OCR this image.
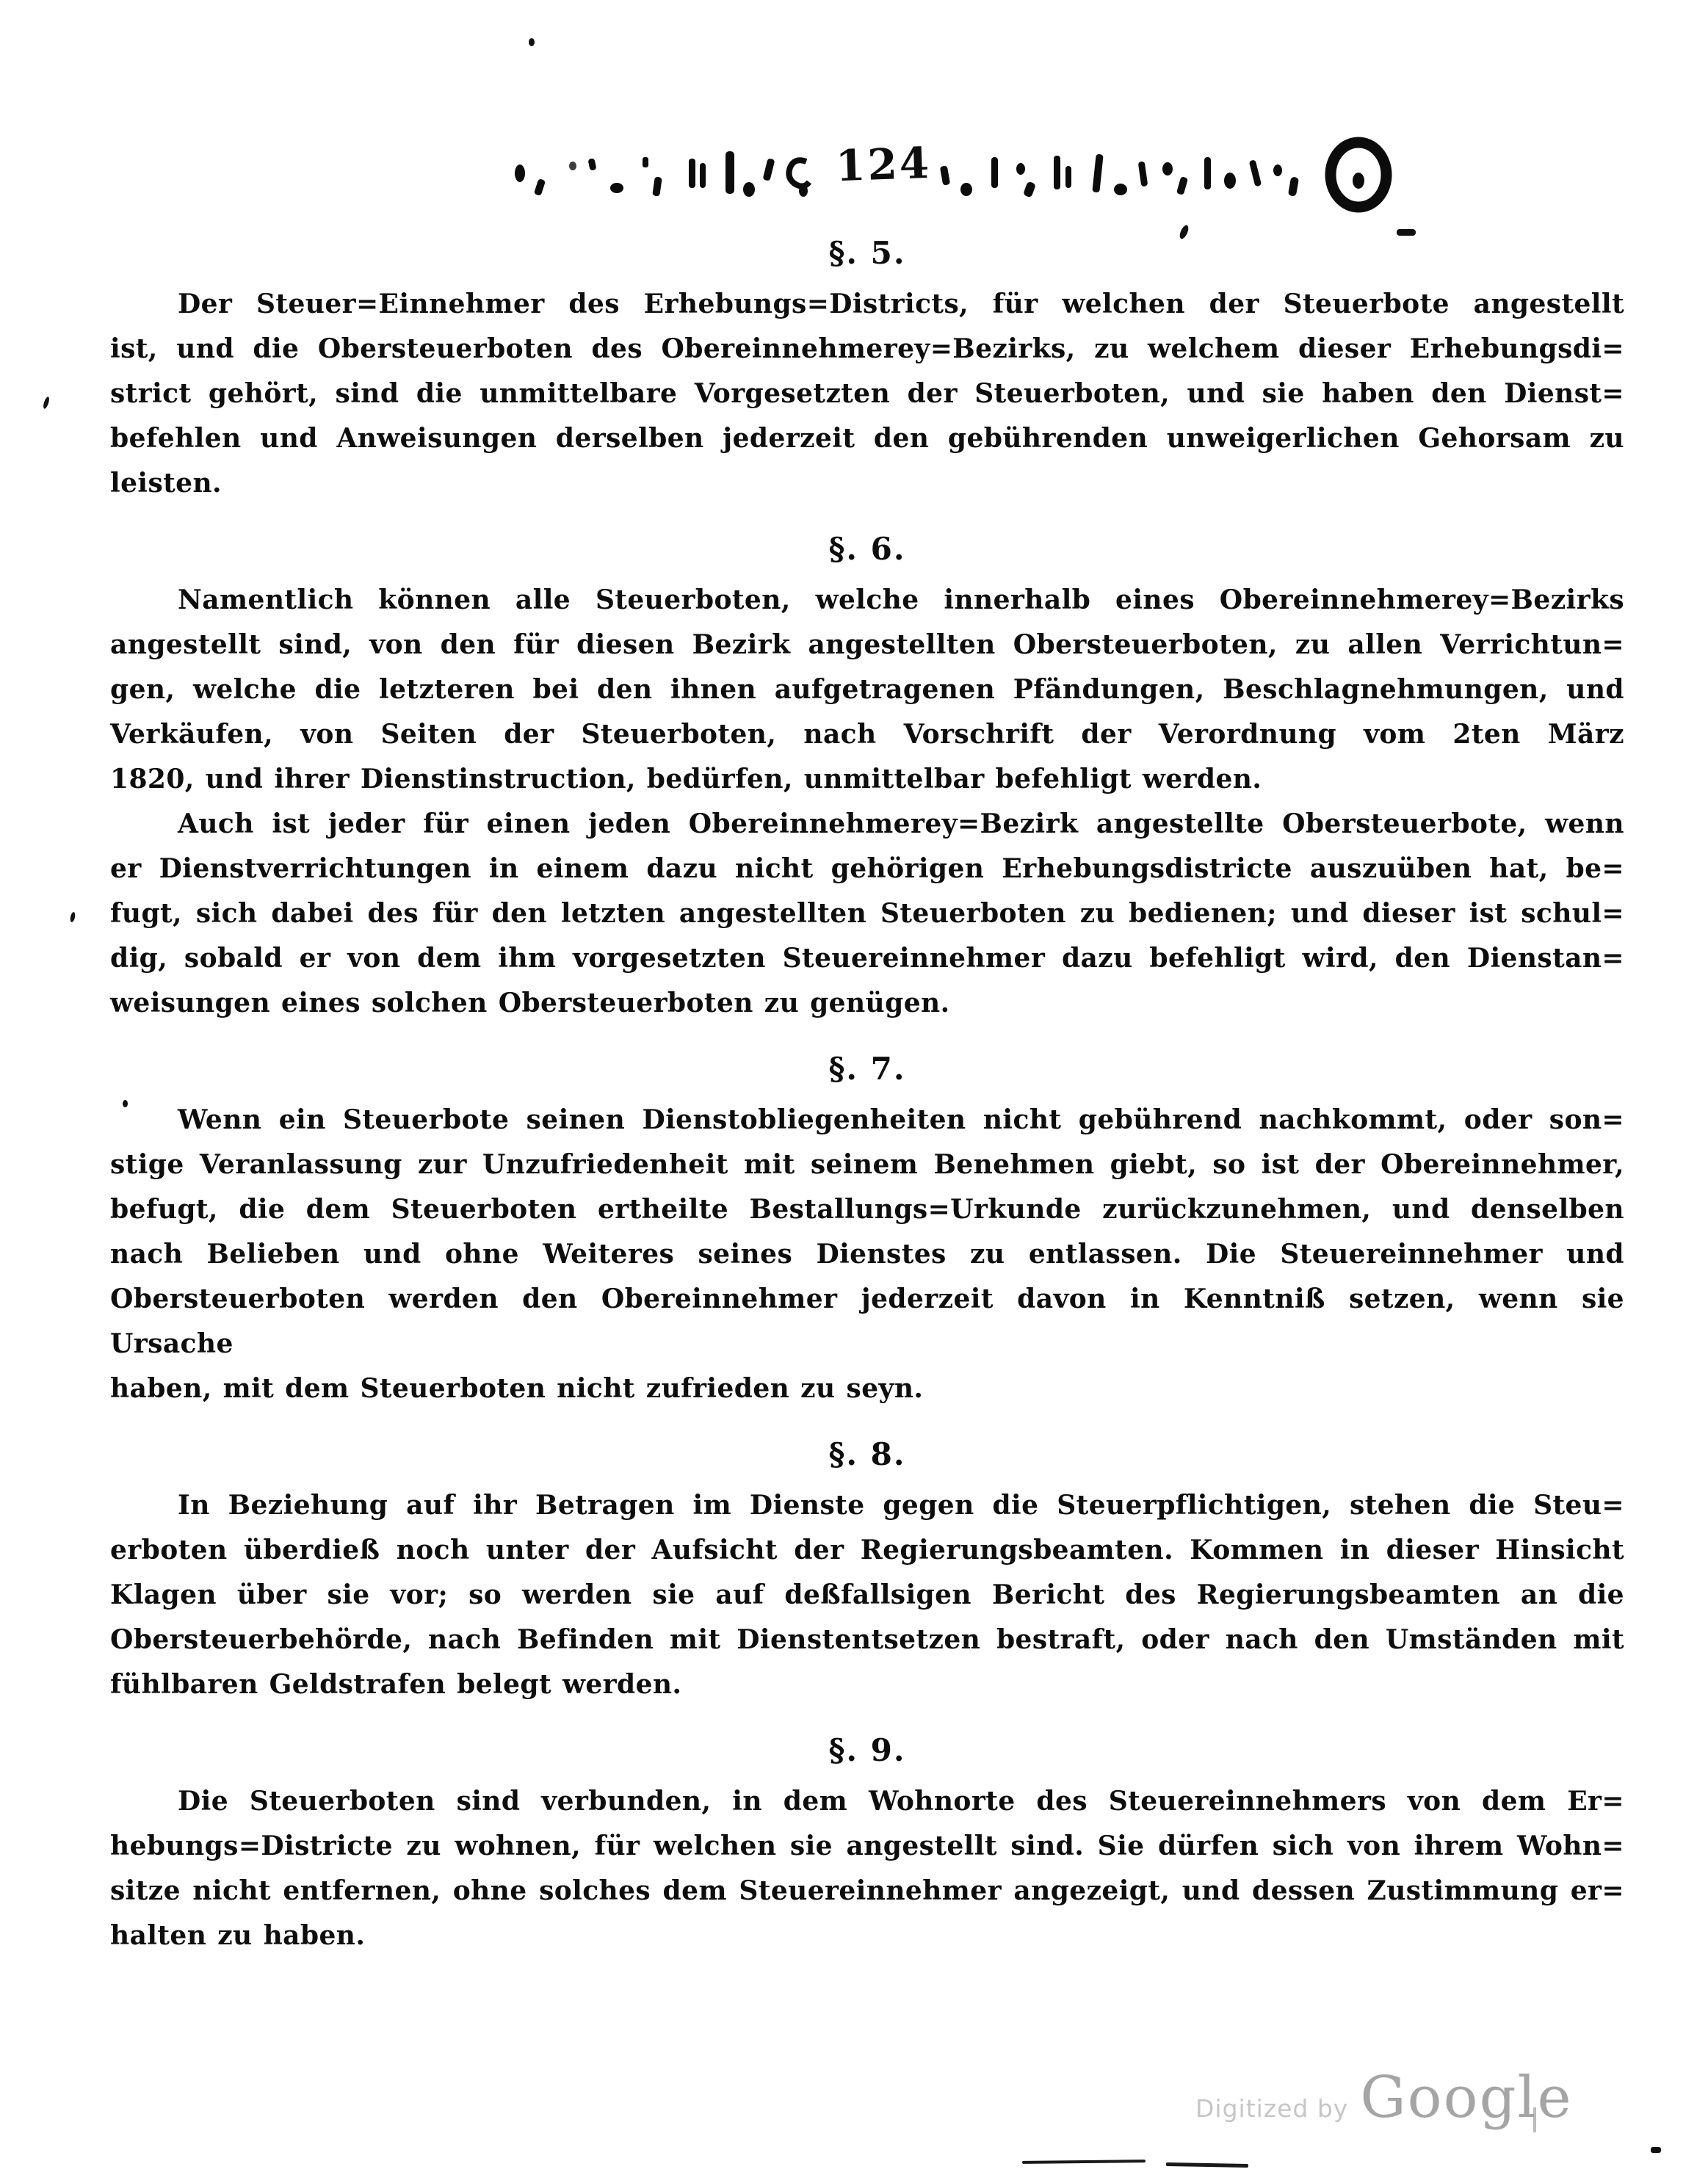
124
§. 5.
Der Steuer=Einnehmer des Erhebungs=Districts, für welchen der Steuerbote angestellt
ist, und die Obersteuerboten des Obereinnehmerey=Bezirks, zu welchem dieser Erhebungsdi=
strict gehört, sind die unmittelbare Vorgesetzten der Steuerboten, und sie haben den Dienst=
befehlen und Anweisungen derselben jederzeit den gebührenden unweigerlichen Gehorsam zu
leisten.
§. 6.
Namentlich können alle Steuerboten, welche innerhalb eines Obereinnehmerey=Bezirks
angestellt sind, von den für diesen Bezirk angestellten Obersteuerboten, zu allen Verrichtun=
gen, welche die letzteren bei den ihnen aufgetragenen Pfändungen, Beschlagnehmungen, und
Verkäufen, von Seiten der Steuerboten, nach Vorschrift der Verordnung vom 2ten März
1820, und ihrer Dienstinstruction, bedürfen, unmittelbar befehligt werden.
Auch ist jeder für einen jeden Obereinnehmerey=Bezirk angestellte Obersteuerbote, wenn
er Dienstverrichtungen in einem dazu nicht gehörigen Erhebungsdistricte auszuüben hat, be=
fugt, sich dabei des für den letzten angestellten Steuerboten zu bedienen; und dieser ist schul=
dig, sobald er von dem ihm vorgesetzten Steuereinnehmer dazu befehligt wird, den Dienstan=
weisungen eines solchen Obersteuerboten zu genügen.
§. 7.
Wenn ein Steuerbote seinen Dienstobliegenheiten nicht gebührend nachkommt, oder son=
stige Veranlassung zur Unzufriedenheit mit seinem Benehmen giebt, so ist der Obereinnehmer,
befugt, die dem Steuerboten ertheilte Bestallungs=Urkunde zurückzunehmen, und denselben
nach Belieben und ohne Weiteres seines Dienstes zu entlassen. Die Steuereinnehmer und
Obersteuerboten werden den Obereinnehmer jederzeit davon in Kenntniß setzen, wenn sie Ursache
haben, mit dem Steuerboten nicht zufrieden zu seyn.
§. 8.
In Beziehung auf ihr Betragen im Dienste gegen die Steuerpflichtigen, stehen die Steu=
erboten überdieß noch unter der Aufsicht der Regierungsbeamten. Kommen in dieser Hinsicht
Klagen über sie vor; so werden sie auf deßfallsigen Bericht des Regierungsbeamten an die
Obersteuerbehörde, nach Befinden mit Dienstentsetzen bestraft, oder nach den Umständen mit
fühlbaren Geldstrafen belegt werden.
§. 9.
Die Steuerboten sind verbunden, in dem Wohnorte des Steuereinnehmers von dem Er=
hebungs=Districte zu wohnen, für welchen sie angestellt sind. Sie dürfen sich von ihrem Wohn=
sitze nicht entfernen, ohne solches dem Steuereinnehmer angezeigt, und dessen Zustimmung er=
halten zu haben.
Digitized by Google
